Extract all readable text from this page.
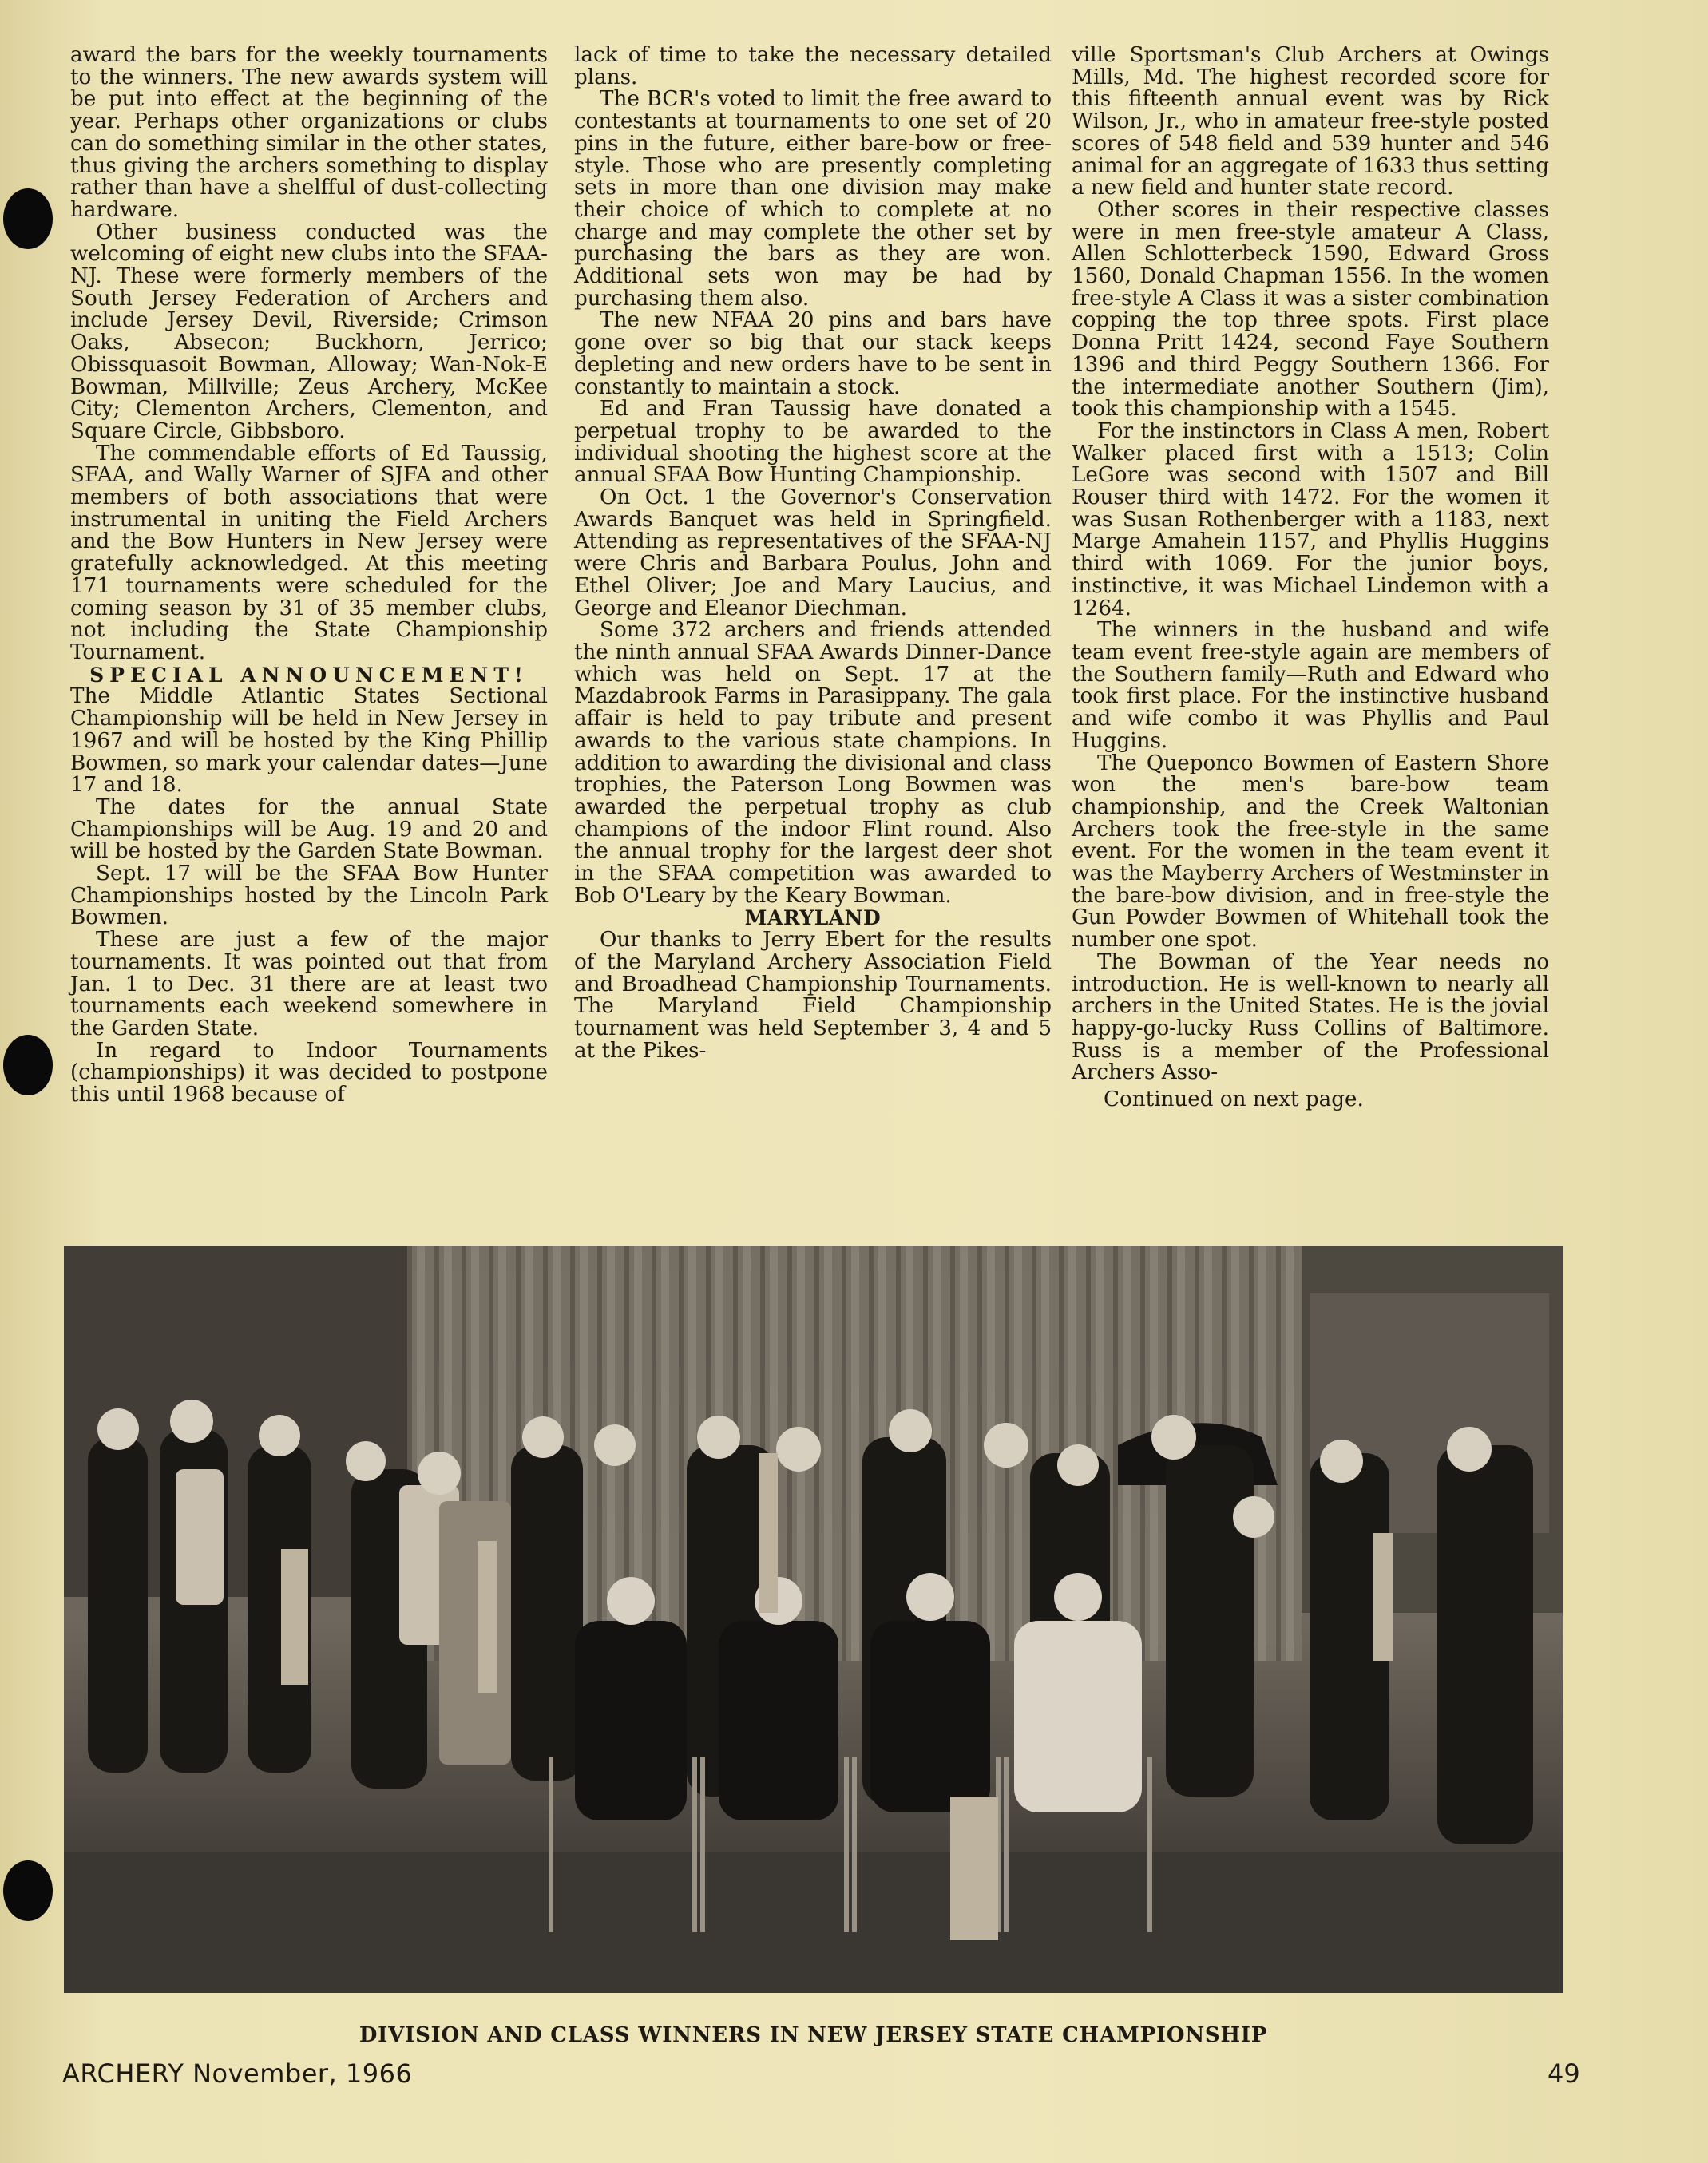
award the bars for the weekly tournaments to the winners. The new awards system will be put into effect at the beginning of the year. Perhaps other organizations or clubs can do something similar in the other states, thus giving the archers something to display rather than have a shelfful of dust-collecting hardware.

Other business conducted was the welcoming of eight new clubs into the SFAA-NJ. These were formerly members of the South Jersey Federation of Archers and include Jersey Devil, Riverside; Crimson Oaks, Absecon; Buckhorn, Jerrico; Obissquasoit Bowman, Alloway; Wan-Nok-E Bowman, Millville; Zeus Archery, McKee City; Clementon Archers, Clementon, and Square Circle, Gibbsboro.

The commendable efforts of Ed Taussig, SFAA, and Wally Warner of SJFA and other members of both associations that were instrumental in uniting the Field Archers and the Bow Hunters in New Jersey were gratefully acknowledged. At this meeting 171 tournaments were scheduled for the coming season by 31 of 35 member clubs, not including the State Championship Tournament.

SPECIAL ANNOUNCEMENT!

The Middle Atlantic States Sectional Championship will be held in New Jersey in 1967 and will be hosted by the King Phillip Bowmen, so mark your calendar dates—June 17 and 18.

The dates for the annual State Championships will be Aug. 19 and 20 and will be hosted by the Garden State Bowman.

Sept. 17 will be the SFAA Bow Hunter Championships hosted by the Lincoln Park Bowmen.

These are just a few of the major tournaments. It was pointed out that from Jan. 1 to Dec. 31 there are at least two tournaments each weekend somewhere in the Garden State.

In regard to Indoor Tournaments (championships) it was decided to postpone this until 1968 because of

lack of time to take the necessary detailed plans.

The BCR's voted to limit the free award to contestants at tournaments to one set of 20 pins in the future, either bare-bow or free-style. Those who are presently completing sets in more than one division may make their choice of which to complete at no charge and may complete the other set by purchasing the bars as they are won. Additional sets won may be had by purchasing them also.

The new NFAA 20 pins and bars have gone over so big that our stack keeps depleting and new orders have to be sent in constantly to maintain a stock.

Ed and Fran Taussig have donated a perpetual trophy to be awarded to the individual shooting the highest score at the annual SFAA Bow Hunting Championship.

On Oct. 1 the Governor's Conservation Awards Banquet was held in Springfield. Attending as representatives of the SFAA-NJ were Chris and Barbara Poulus, John and Ethel Oliver; Joe and Mary Laucius, and George and Eleanor Diechman.

Some 372 archers and friends attended the ninth annual SFAA Awards Dinner-Dance which was held on Sept. 17 at the Mazdabrook Farms in Parasippany. The gala affair is held to pay tribute and present awards to the various state champions. In addition to awarding the divisional and class trophies, the Paterson Long Bowmen was awarded the perpetual trophy as club champions of the indoor Flint round. Also the annual trophy for the largest deer shot in the SFAA competition was awarded to Bob O'Leary by the Keary Bowman.

MARYLAND

Our thanks to Jerry Ebert for the results of the Maryland Archery Association Field and Broadhead Championship Tournaments. The Maryland Field Championship tournament was held September 3, 4 and 5 at the Pikes-

ville Sportsman's Club Archers at Owings Mills, Md. The highest recorded score for this fifteenth annual event was by Rick Wilson, Jr., who in amateur free-style posted scores of 548 field and 539 hunter and 546 animal for an aggregate of 1633 thus setting a new field and hunter state record.

Other scores in their respective classes were in men free-style amateur A Class, Allen Schlotterbeck 1590, Edward Gross 1560, Donald Chapman 1556. In the women free-style A Class it was a sister combination copping the top three spots. First place Donna Pritt 1424, second Faye Southern 1396 and third Peggy Southern 1366. For the intermediate another Southern (Jim), took this championship with a 1545.

For the instinctors in Class A men, Robert Walker placed first with a 1513; Colin LeGore was second with 1507 and Bill Rouser third with 1472. For the women it was Susan Rothenberger with a 1183, next Marge Amahein 1157, and Phyllis Huggins third with 1069. For the junior boys, instinctive, it was Michael Lindemon with a 1264.

The winners in the husband and wife team event free-style again are members of the Southern family—Ruth and Edward who took first place. For the instinctive husband and wife combo it was Phyllis and Paul Huggins.

The Queponco Bowmen of Eastern Shore won the men's bare-bow team championship, and the Creek Waltonian Archers took the free-style in the same event. For the women in the team event it was the Mayberry Archers of Westminster in the bare-bow division, and in free-style the Gun Powder Bowmen of Whitehall took the number one spot.

The Bowman of the Year needs no introduction. He is well-known to nearly all archers in the United States. He is the jovial happy-go-lucky Russ Collins of Baltimore. Russ is a member of the Professional Archers Asso-

Continued on next page.

DIVISION AND CLASS WINNERS IN NEW JERSEY STATE CHAMPIONSHIP
ARCHERY November, 1966	49
